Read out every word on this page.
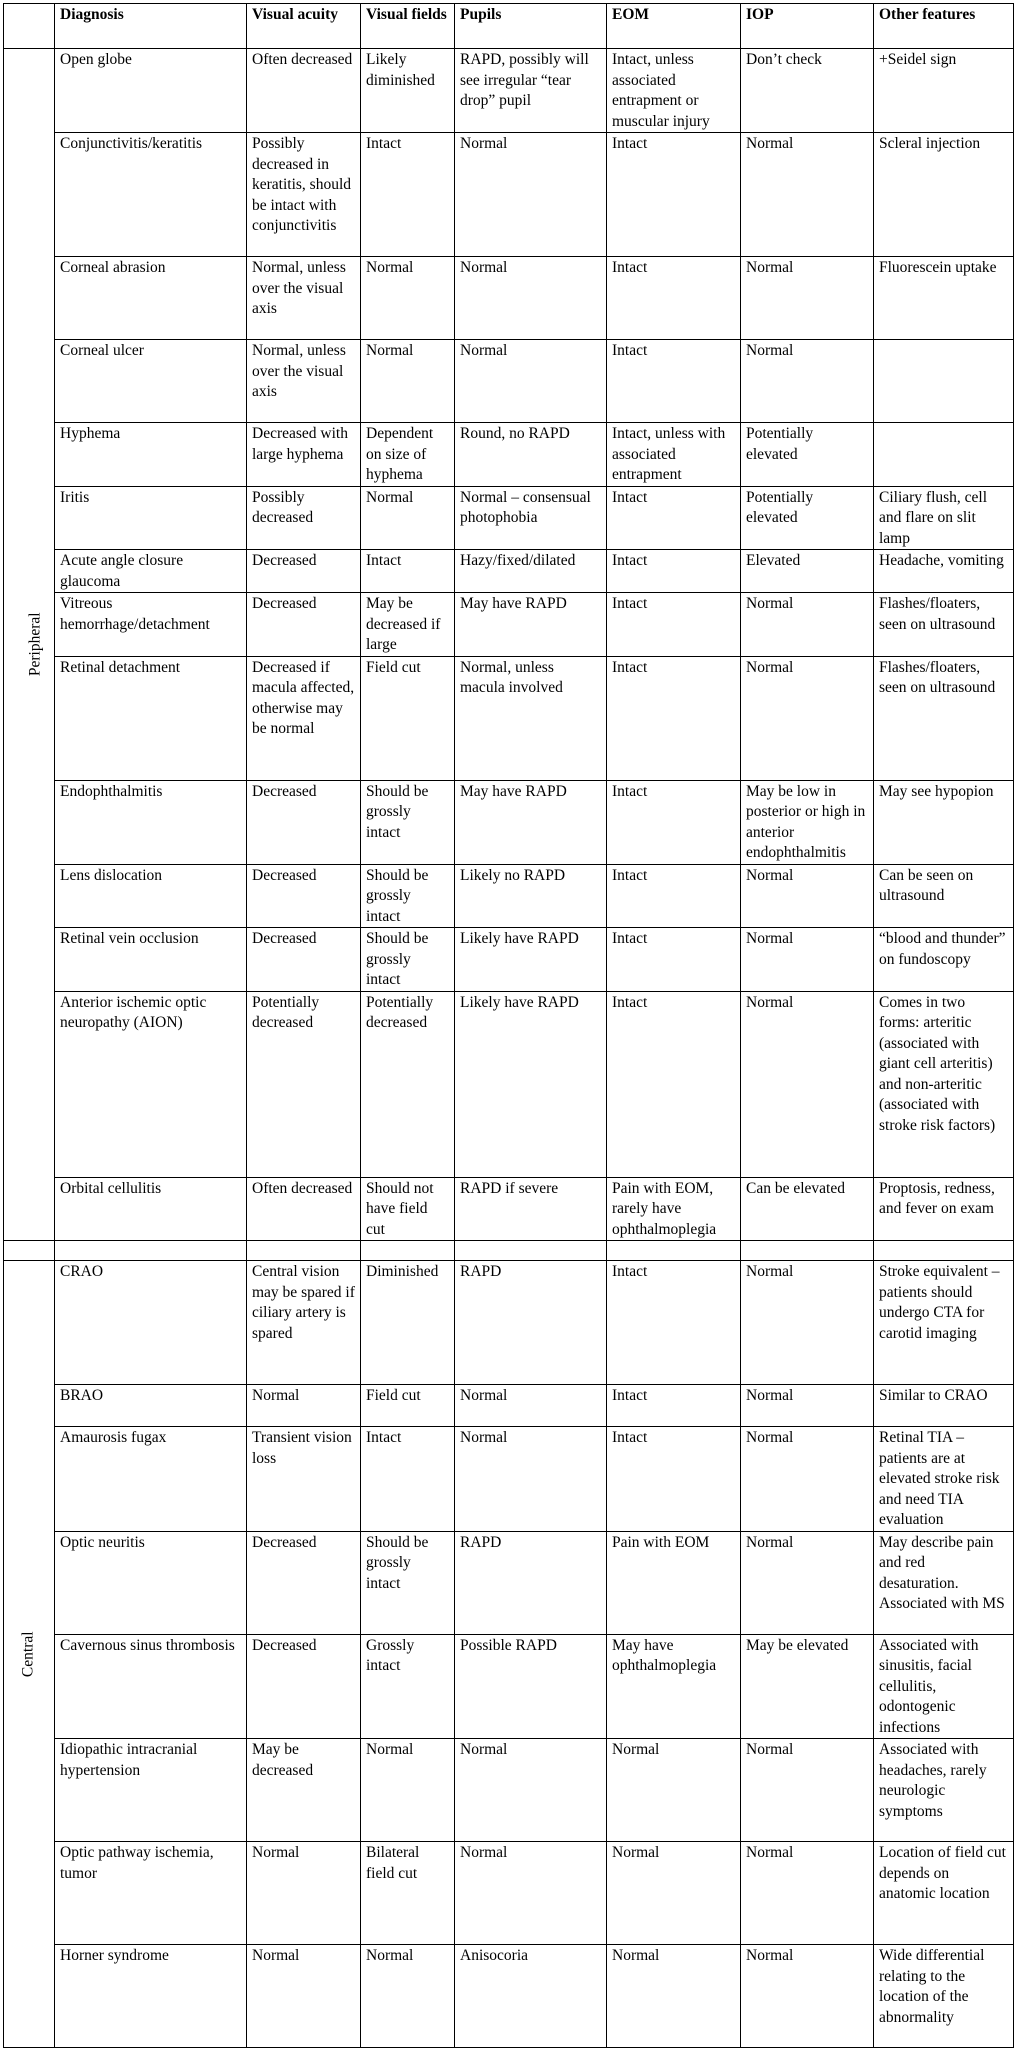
	Diagnosis	Visual acuity	Visual fields	Pupils	EOM	IOP	Other features
Peripheral	Open globe	Often decreased	Likely diminished	RAPD, possibly will see irregular “tear drop” pupil	Intact, unless associated entrapment or muscular injury	Don’t check	+Seidel sign
	Conjunctivitis/keratitis	Possibly decreased in keratitis, should be intact with conjunctivitis	Intact	Normal	Intact	Normal	Scleral injection
	Corneal abrasion	Normal, unless over the visual axis	Normal	Normal	Intact	Normal	Fluorescein uptake
	Corneal ulcer	Normal, unless over the visual axis	Normal	Normal	Intact	Normal	
	Hyphema	Decreased with large hyphema	Dependent on size of hyphema	Round, no RAPD	Intact, unless with associated entrapment	Potentially elevated	
	Iritis	Possibly decreased	Normal	Normal – consensual photophobia	Intact	Potentially elevated	Ciliary flush, cell and flare on slit lamp
	Acute angle closure glaucoma	Decreased	Intact	Hazy/fixed/dilated	Intact	Elevated	Headache, vomiting
	Vitreous hemorrhage/detachment	Decreased	May be decreased if large	May have RAPD	Intact	Normal	Flashes/floaters, seen on ultrasound
	Retinal detachment	Decreased if macula affected, otherwise may be normal	Field cut	Normal, unless macula involved	Intact	Normal	Flashes/floaters, seen on ultrasound
	Endophthalmitis	Decreased	Should be grossly intact	May have RAPD	Intact	May be low in posterior or high in anterior endophthalmitis	May see hypopion
	Lens dislocation	Decreased	Should be grossly intact	Likely no RAPD	Intact	Normal	Can be seen on ultrasound
	Retinal vein occlusion	Decreased	Should be grossly intact	Likely have RAPD	Intact	Normal	“blood and thunder” on fundoscopy
	Anterior ischemic optic neuropathy (AION)	Potentially decreased	Potentially decreased	Likely have RAPD	Intact	Normal	Comes in two forms: arteritic (associated with giant cell arteritis) and non-arteritic (associated with stroke risk factors)
	Orbital cellulitis	Often decreased	Should not have field cut	RAPD if severe	Pain with EOM, rarely have ophthalmoplegia	Can be elevated	Proptosis, redness, and fever on exam

Central	CRAO	Central vision may be spared if ciliary artery is spared	Diminished	RAPD	Intact	Normal	Stroke equivalent – patients should undergo CTA for carotid imaging
	BRAO	Normal	Field cut	Normal	Intact	Normal	Similar to CRAO
	Amaurosis fugax	Transient vision loss	Intact	Normal	Intact	Normal	Retinal TIA – patients are at elevated stroke risk and need TIA evaluation
	Optic neuritis	Decreased	Should be grossly intact	RAPD	Pain with EOM	Normal	May describe pain and red desaturation. Associated with MS
	Cavernous sinus thrombosis	Decreased	Grossly intact	Possible RAPD	May have ophthalmoplegia	May be elevated	Associated with sinusitis, facial cellulitis, odontogenic infections
	Idiopathic intracranial hypertension	May be decreased	Normal	Normal	Normal	Normal	Associated with headaches, rarely neurologic symptoms
	Optic pathway ischemia, tumor	Normal	Bilateral field cut	Normal	Normal	Normal	Location of field cut depends on anatomic location
	Horner syndrome	Normal	Normal	Anisocoria	Normal	Normal	Wide differential relating to the location of the abnormality
